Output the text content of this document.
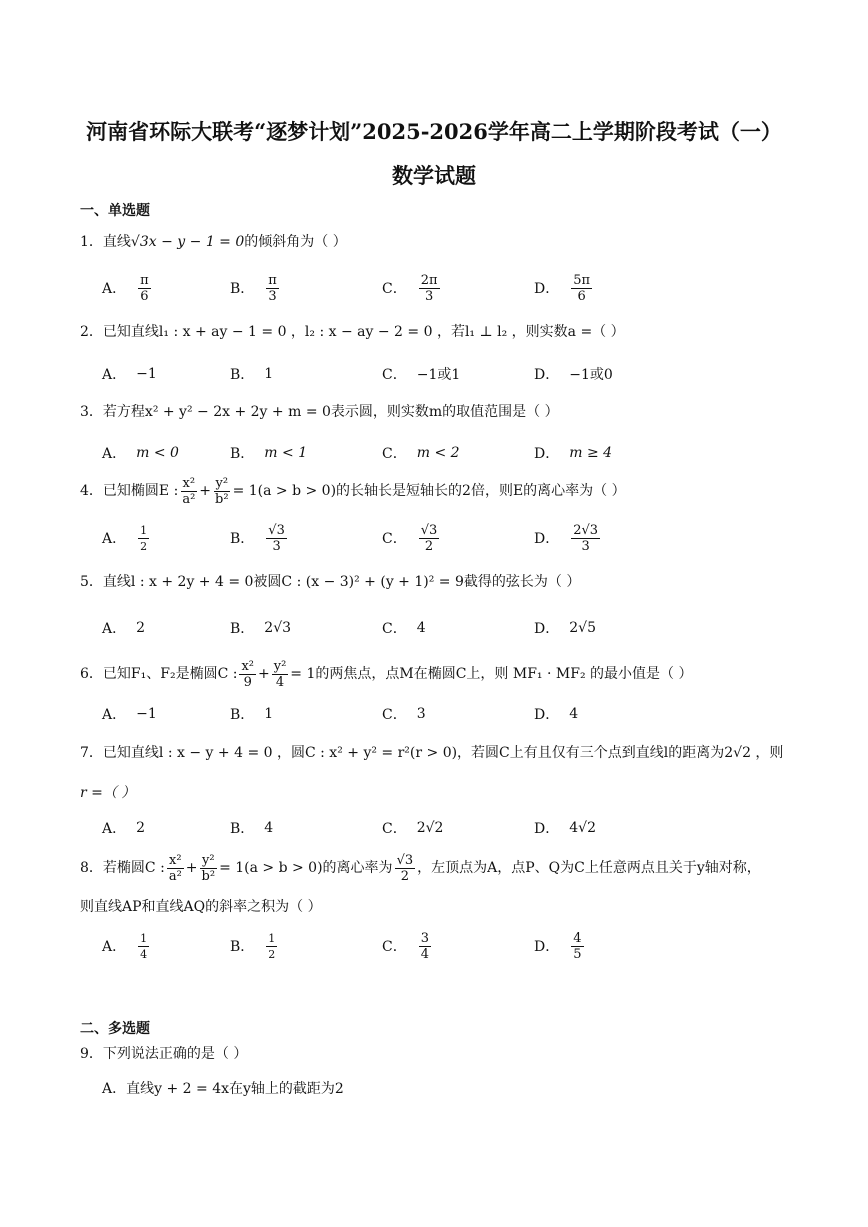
河南省环际大联考“逐梦计划”2025-2026学年高二上学期阶段考试（一）
数学试题
一、单选题
1．直线√3x − y − 1 = 0的倾斜角为（ ）
A． $\frac{\pi}{6}$	B． $\frac{\pi}{3}$	C． $\frac{2\pi}{3}$	D． $\frac{5\pi}{6}$
2．已知直线l₁ : x + ay − 1 = 0 ，l₂ : x − ay − 2 = 0 ，若l₁ ⊥ l₂ ，则实数a =（ ）
A． −1	B． 1	C． −1或1	D． −1或0
3．若方程x² + y² − 2x + 2y + m = 0表示圆，则实数m的取值范围是（ ）
A． m < 0	B． m < 1	C． m < 2	D． m ≥ 4
4．已知椭圆E : $\frac{\text{x²}}{\text{a²}} + \frac{\text{y²}}{\text{b²}} = 1(a > b > 0)$的长轴长是短轴长的2倍，则E的离心率为（ ）
A． $\frac{1}{2}$	B． $\frac{√3}{3}$	C． $\frac{√3}{2}$	D． $\frac{2√3}{3}$
5．直线l : x + 2y + 4 = 0被圆C : (x − 3)² + (y + 1)² = 9截得的弦长为（ ）
A． 2	B． 2√3	C． 4	D． 2√5
6．已知F₁、F₂是椭圆C : $\frac{\text{x²}}{9} + \frac{\text{y²}}{4} = 1$的两焦点，点M在椭圆C上，则 MF₁ · MF₂ 的最小值是（ ）
A． −1	B． 1	C． 3	D． 4
7．已知直线l : x − y + 4 = 0 ，圆C : x² + y² = r²(r > 0)，若圆C上有且仅有三个点到直线l的距离为2√2 ，则
r =（ ）
A． 2	B． 4	C． 2√2	D． 4√2
8．若椭圆C : $\frac{\text{x²}}{\text{a²}} + \frac{\text{y²}}{\text{b²}} = 1(a > b > 0)$的离心率为 $\frac{√3}{2}$ ，左顶点为A，点P、Q为C上任意两点且关于y轴对称，
则直线AP和直线AQ的斜率之积为（ ）
A． $\frac{1}{4}$	B． $\frac{1}{2}$	C． $\frac{3}{4}$	D． $\frac{4}{5}$
二、多选题
9．下列说法正确的是（ ）
A．直线y + 2 = 4x在y轴上的截距为2
